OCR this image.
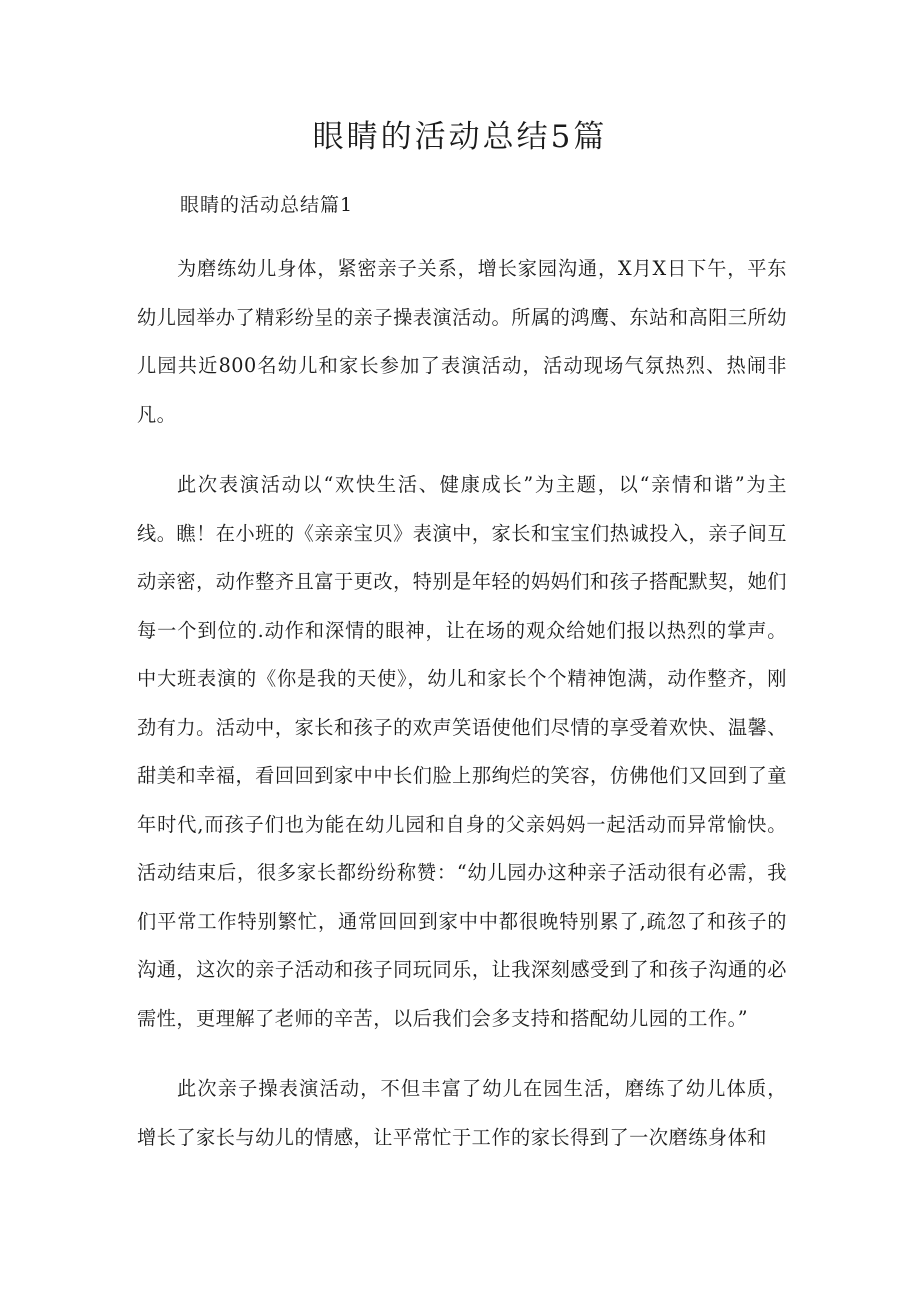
眼睛的活动总结5篇
眼睛的活动总结篇1

为磨练幼儿身体，紧密亲子关系，增长家园沟通，X月X日下午，平东幼儿园举办了精彩纷呈的亲子操表演活动。所属的鸿鹰、东站和高阳三所幼儿园共近800名幼儿和家长参加了表演活动，活动现场气氛热烈、热闹非凡。

此次表演活动以“欢快生活、健康成长”为主题，以“亲情和谐”为主线。瞧！在小班的《亲亲宝贝》表演中，家长和宝宝们热诚投入，亲子间互动亲密，动作整齐且富于更改，特别是年轻的妈妈们和孩子搭配默契，她们每一个到位的.动作和深情的眼神，让在场的观众给她们报以热烈的掌声。中大班表演的《你是我的天使》，幼儿和家长个个精神饱满，动作整齐，刚劲有力。活动中，家长和孩子的欢声笑语使他们尽情的享受着欢快、温馨、甜美和幸福，看回回到家中中长们脸上那绚烂的笑容，仿佛他们又回到了童年时代,而孩子们也为能在幼儿园和自身的父亲妈妈一起活动而异常愉快。活动结束后，很多家长都纷纷称赞：“幼儿园办这种亲子活动很有必需，我们平常工作特别繁忙，通常回回到家中中都很晚特别累了,疏忽了和孩子的沟通，这次的亲子活动和孩子同玩同乐，让我深刻感受到了和孩子沟通的必需性，更理解了老师的辛苦，以后我们会多支持和搭配幼儿园的工作。”

此次亲子操表演活动，不但丰富了幼儿在园生活，磨练了幼儿体质，增长了家长与幼儿的情感，让平常忙于工作的家长得到了一次磨练身体和
